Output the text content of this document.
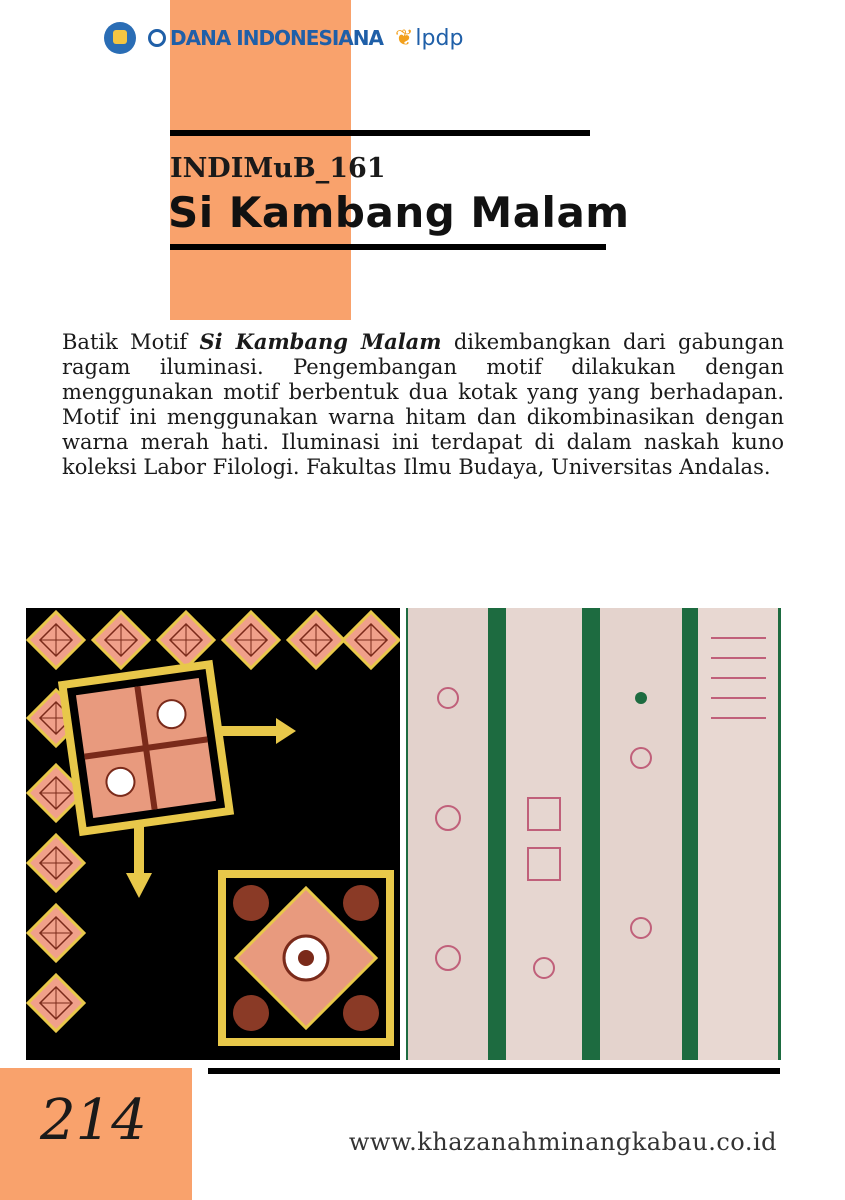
DANA INDONESIANA ❦ lpdp
INDIMuB_161
Si Kambang Malam
Batik Motif Si Kambang Malam dikembangkan dari gabungan ragam iluminasi. Pengembangan motif dilakukan dengan menggunakan motif berbentuk dua kotak yang yang berhadapan. Motif ini menggunakan warna hitam dan dikombinasikan dengan warna merah hati. Iluminasi ini terdapat di dalam naskah kuno koleksi Labor Filologi. Fakultas Ilmu Budaya, Universitas Andalas.
214	www.khazanahminangkabau.co.id
